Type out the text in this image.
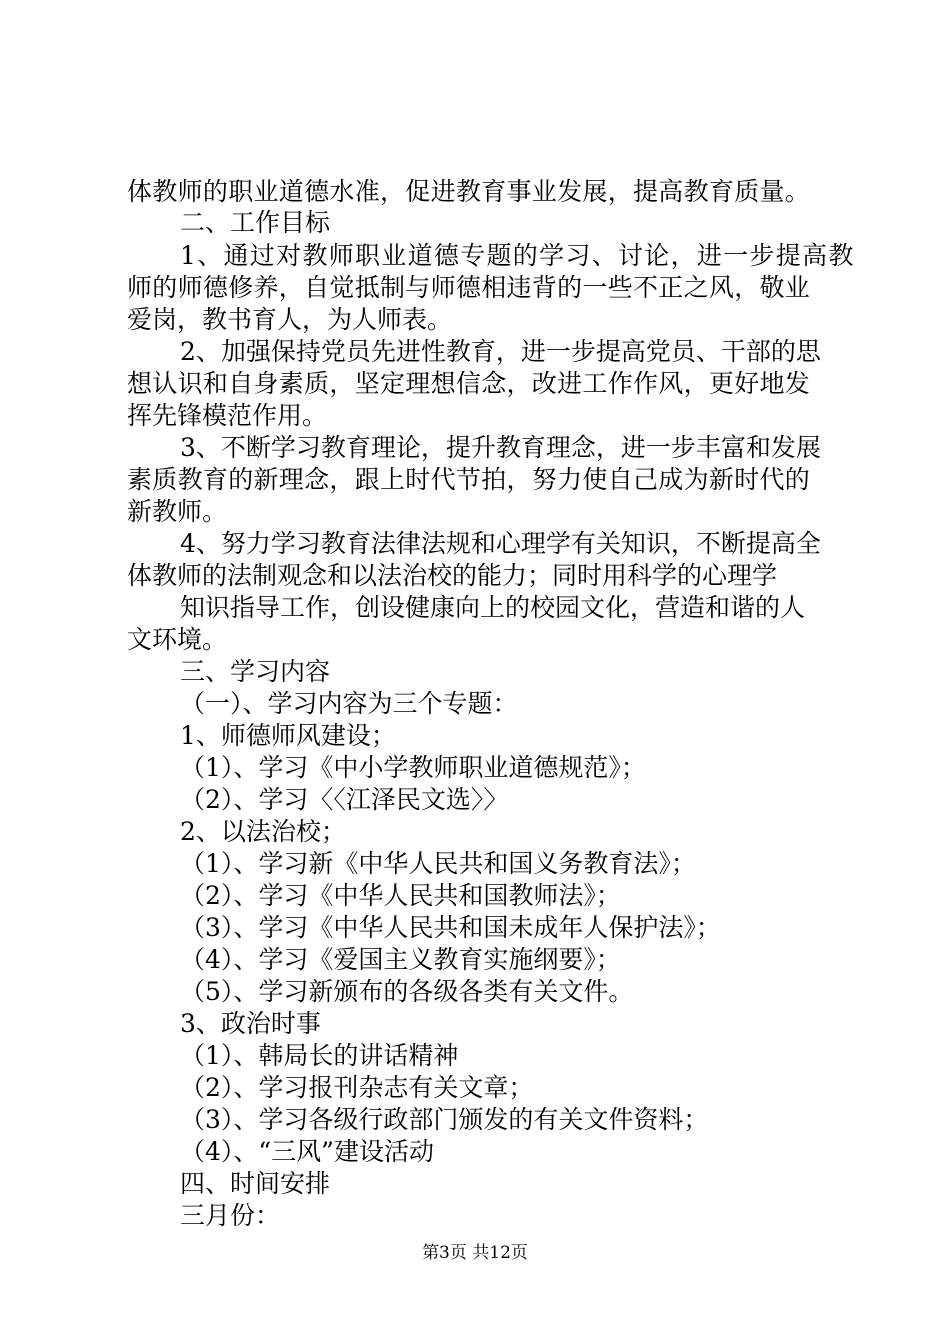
体教师的职业道德水准，促进教育事业发展，提高教育质量。
二、工作目标
1、通过对教师职业道德专题的学习、讨论，进一步提高教
师的师德修养，自觉抵制与师德相违背的一些不正之风，敬业
爱岗，教书育人，为人师表。
2、加强保持党员先进性教育，进一步提高党员、干部的思
想认识和自身素质，坚定理想信念，改进工作作风，更好地发
挥先锋模范作用。
3、不断学习教育理论，提升教育理念，进一步丰富和发展
素质教育的新理念，跟上时代节拍，努力使自己成为新时代的
新教师。
4、努力学习教育法律法规和心理学有关知识，不断提高全
体教师的法制观念和以法治校的能力；同时用科学的心理学
知识指导工作，创设健康向上的校园文化，营造和谐的人
文环境。
三、学习内容
（一）、学习内容为三个专题：
1、师德师风建设；
（1）、学习《中小学教师职业道德规范》；
（2）、学习〈〈江泽民文选〉〉
2、以法治校；
（1）、学习新《中华人民共和国义务教育法》；
（2）、学习《中华人民共和国教师法》；
（3）、学习《中华人民共和国未成年人保护法》；
（4）、学习《爱国主义教育实施纲要》；
（5）、学习新颁布的各级各类有关文件。
3、政治时事
（1）、韩局长的讲话精神
（2）、学习报刊杂志有关文章；
（3）、学习各级行政部门颁发的有关文件资料；
（4）、“三风”建设活动
四、时间安排
三月份：
第3页 共12页
